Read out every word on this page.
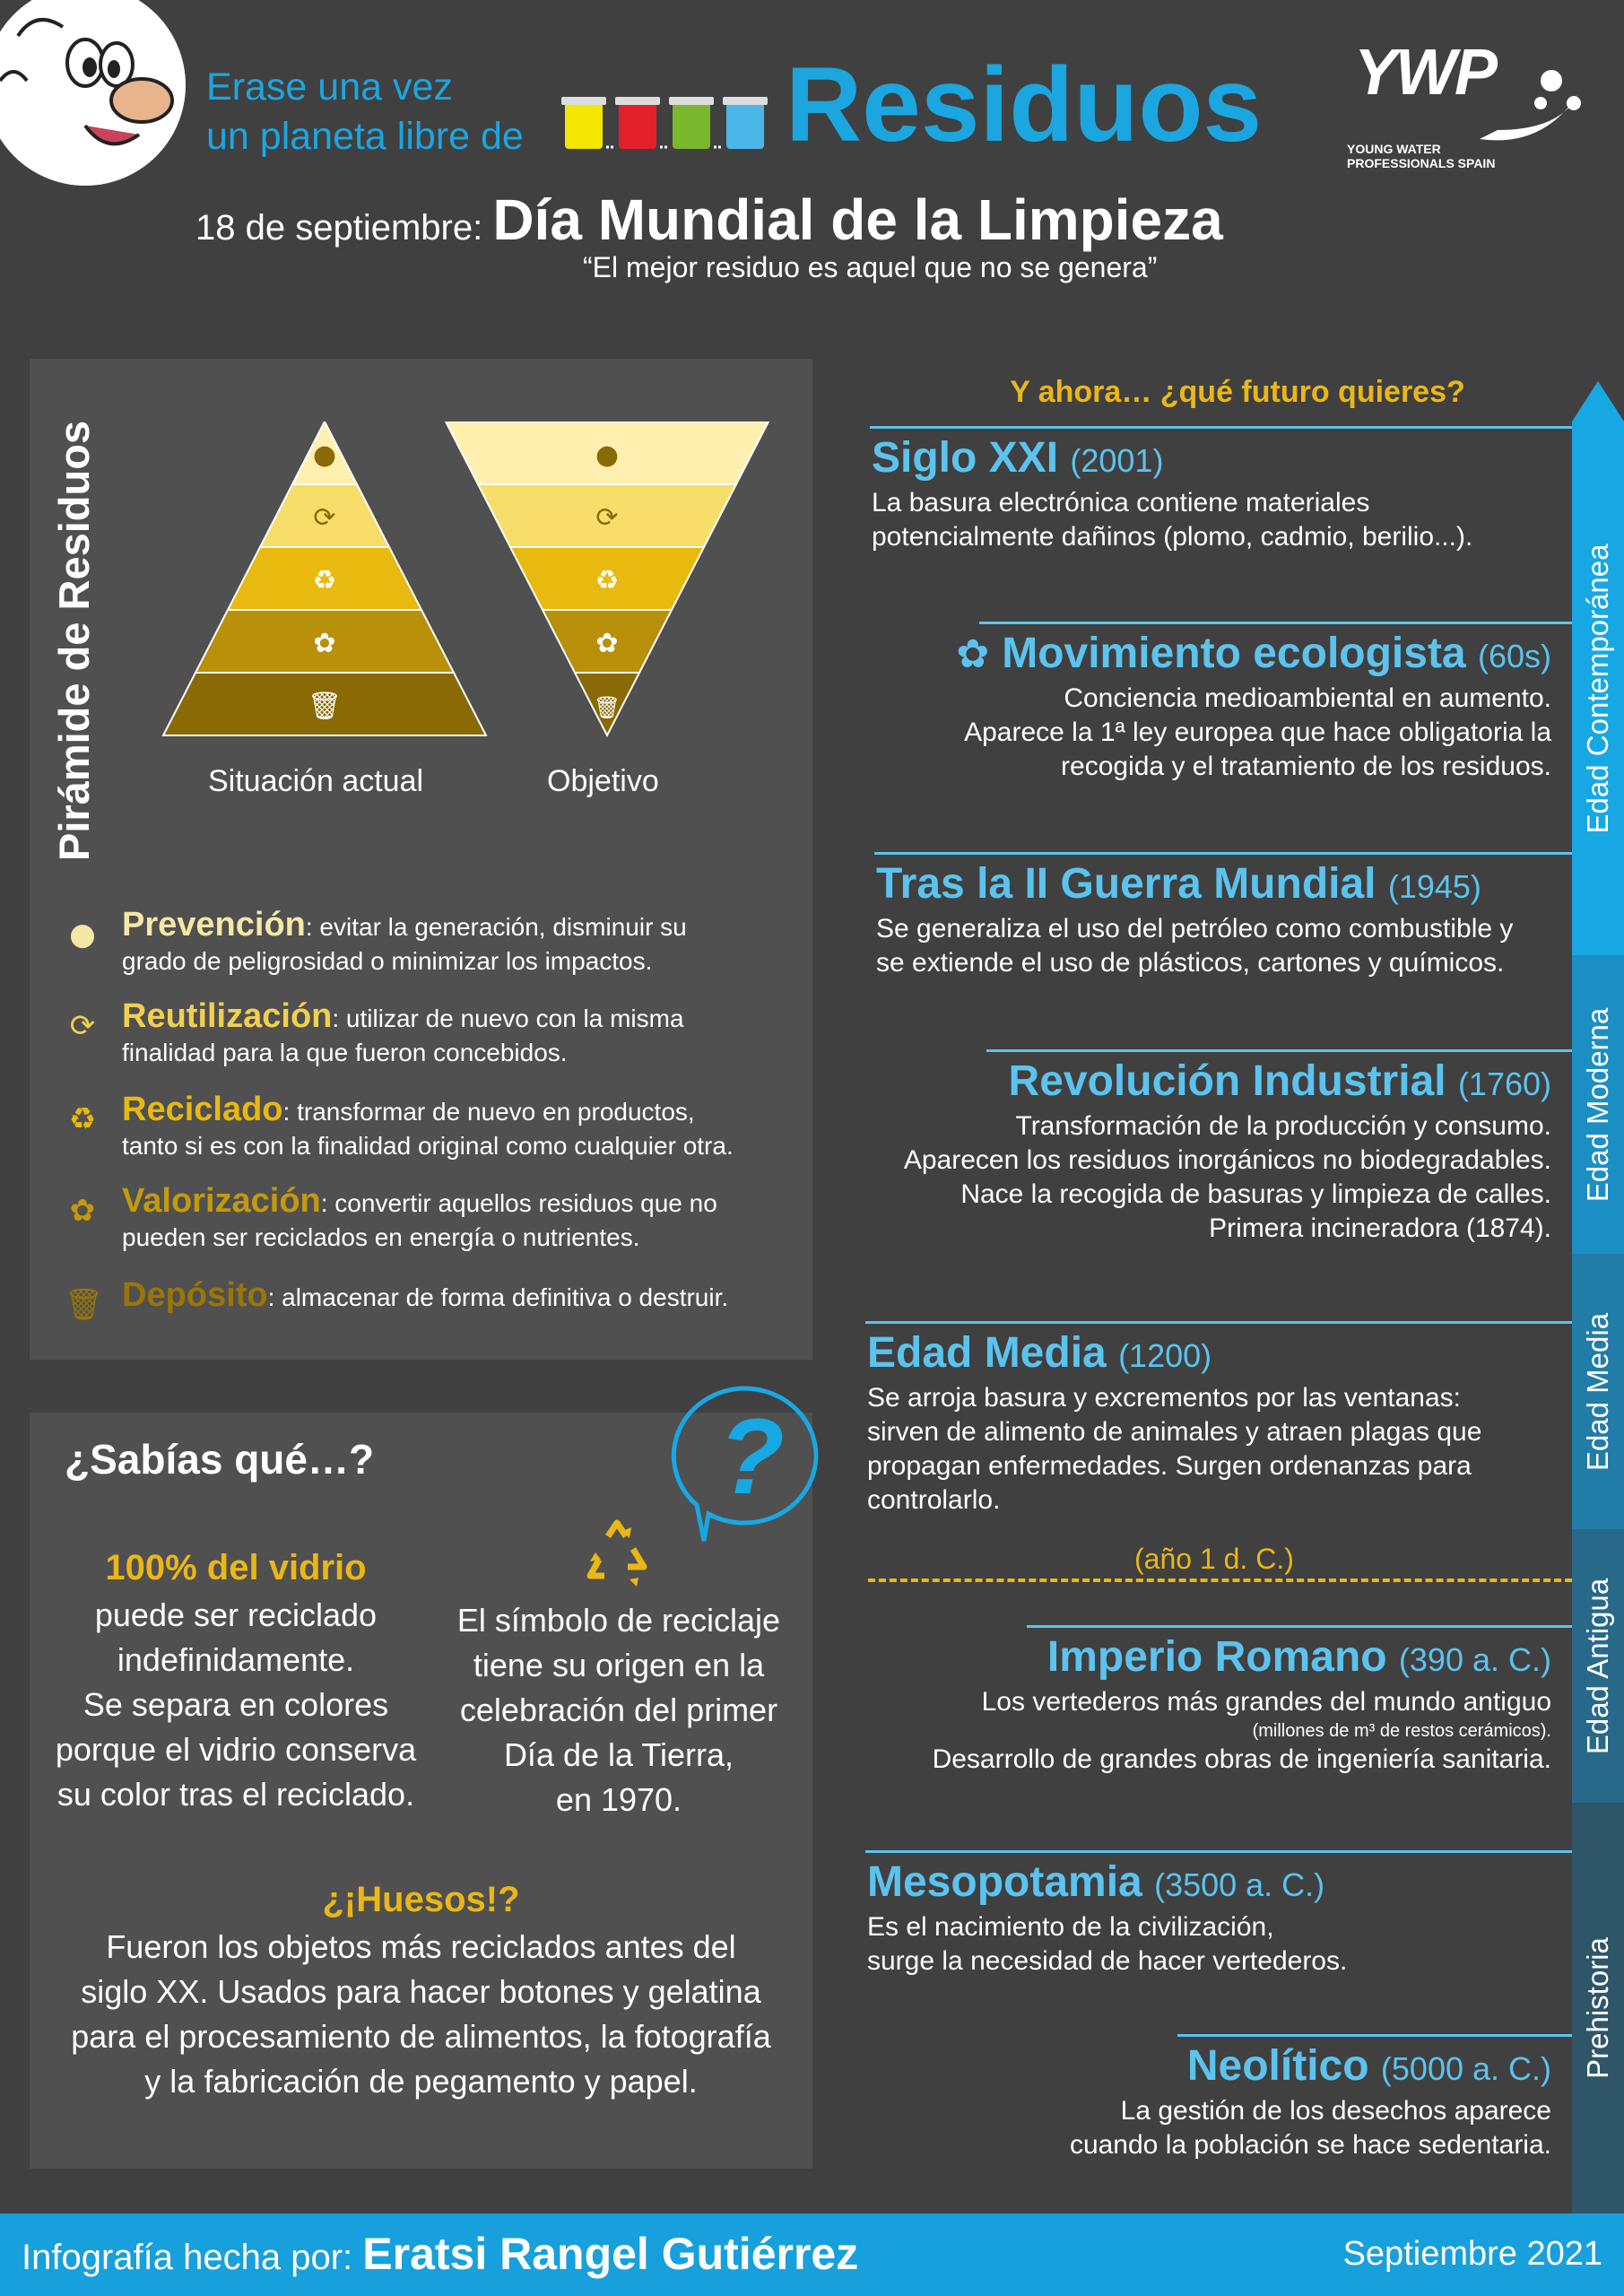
Erase una vez
un planeta libre de Residuos YWP
YOUNG WATER
PROFESSIONALS SPAIN
18 de septiembre: Día Mundial de la Limpieza
“El mejor residuo es aquel que no se genera”
Pirámide de Residuos	●
⟳
♻
✿
🗑
●
⟳
♻
✿
🗑
Situación actual	Objetivo
● Prevención: evitar la generación, disminuir su
grado de peligrosidad o minimizar los impactos.
⟳ Reutilización: utilizar de nuevo con la misma
finalidad para la que fueron concebidos.
♻ Reciclado: transformar de nuevo en productos,
tanto si es con la finalidad original como cualquier otra.
✿ Valorización: convertir aquellos residuos que no
pueden ser reciclados en energía o nutrientes.
🗑 Depósito: almacenar de forma definitiva o destruir.
?
¿Sabías qué…?
100% del vidrio
puede ser reciclado
indefinidamente.
Se separa en colores
porque el vidrio conserva
su color tras el reciclado.
El símbolo de reciclaje
tiene su origen en la
celebración del primer
Día de la Tierra,
en 1970.
¿¡Huesos!?
Fueron los objetos más reciclados antes del
siglo XX. Usados para hacer botones y gelatina
para el procesamiento de alimentos, la fotografía
y la fabricación de pegamento y papel.
Y ahora… ¿qué futuro quieres?
Siglo XXI (2001)
La basura electrónica contiene materiales
potencialmente dañinos (plomo, cadmio, berilio...).
✿ Movimiento ecologista (60s)
Conciencia medioambiental en aumento.
Aparece la 1ª ley europea que hace obligatoria la
recogida y el tratamiento de los residuos.
Tras la II Guerra Mundial (1945)
Se generaliza el uso del petróleo como combustible y
se extiende el uso de plásticos, cartones y químicos.
Revolución Industrial (1760)
Transformación de la producción y consumo.
Aparecen los residuos inorgánicos no biodegradables.
Nace la recogida de basuras y limpieza de calles.
Primera incineradora (1874).
Edad Media (1200)
Se arroja basura y excrementos por las ventanas:
sirven de alimento de animales y atraen plagas que
propagan enfermedades. Surgen ordenanzas para
controlarlo.
Imperio Romano (390 a. C.)
Los vertederos más grandes del mundo antiguo
(millones de m³ de restos cerámicos).
Desarrollo de grandes obras de ingeniería sanitaria.
Mesopotamia (3500 a. C.)
Es el nacimiento de la civilización,
surge la necesidad de hacer vertederos.
Neolítico (5000 a. C.)
La gestión de los desechos aparece
cuando la población se hace sedentaria.
(año 1 d. C.)
Edad Contemporánea
Edad Moderna
Edad Media
Edad Antigua
Prehistoria
Infografía hecha por: Eratsi Rangel Gutiérrez	Septiembre 2021
